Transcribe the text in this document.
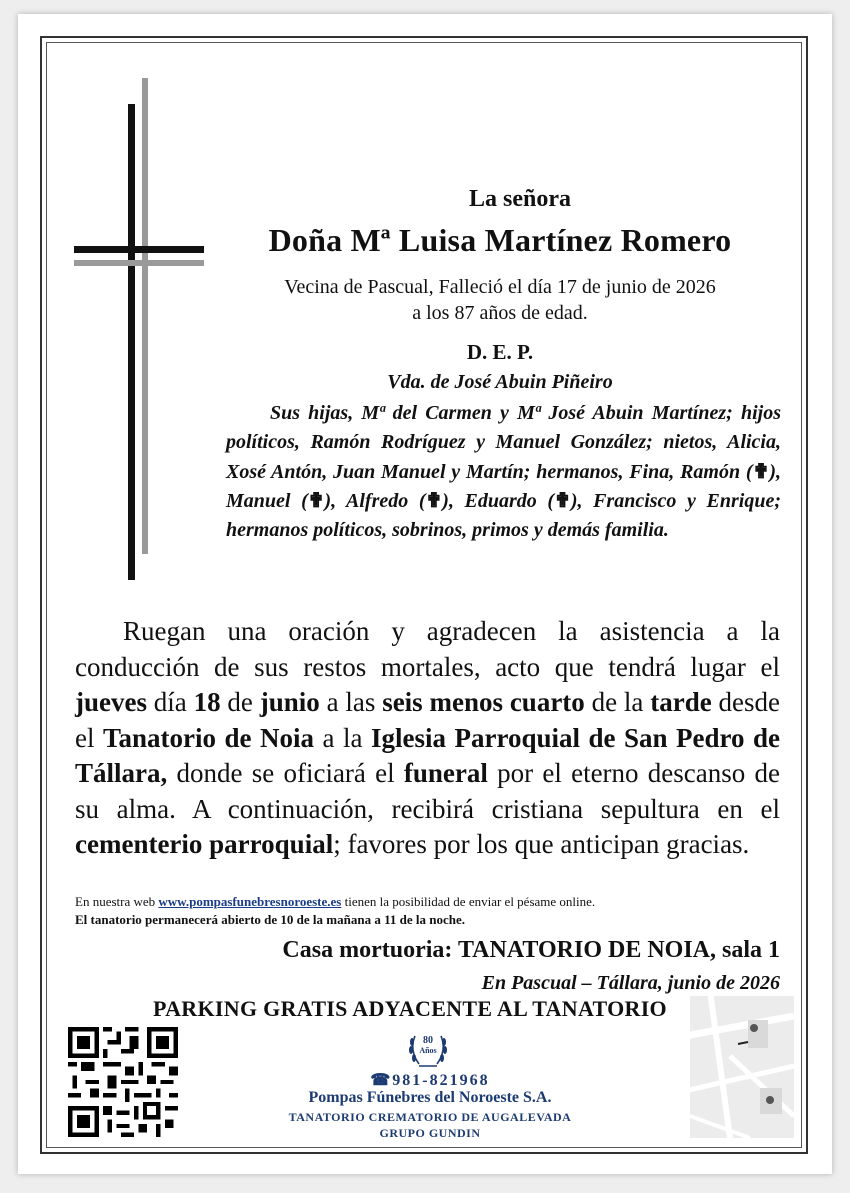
La señora
Doña Mª Luisa Martínez Romero
Vecina de Pascual, Falleció el día 17 de junio de 2026
a los 87 años de edad.
D. E. P.
Vda. de José Abuin Piñeiro
Sus hijas, Mª del Carmen y Mª José Abuin Martínez; hijos políticos, Ramón Rodríguez y Manuel González; nietos, Alicia, Xosé Antón, Juan Manuel y Martín; hermanos, Fina, Ramón (✟), Manuel (✟), Alfredo (✟), Eduardo (✟), Francisco y Enrique; hermanos políticos, sobrinos, primos y demás familia.
Ruegan una oración y agradecen la asistencia a la conducción de sus restos mortales, acto que tendrá lugar el jueves día 18 de junio a las seis menos cuarto de la tarde desde el Tanatorio de Noia a la Iglesia Parroquial de San Pedro de Tállara, donde se oficiará el funeral por el eterno descanso de su alma. A continuación, recibirá cristiana sepultura en el cementerio parroquial; favores por los que anticipan gracias.
En nuestra web www.pompasfunebresnoroeste.es tienen la posibilidad de enviar el pésame online.
El tanatorio permanecerá abierto de 10 de la mañana a 11 de la noche.
Casa mortuoria: TANATORIO DE NOIA, sala 1
En Pascual – Tállara, junio de 2026
PARKING GRATIS ADYACENTE AL TANATORIO
80
Años
☎981-821968
Pompas Fúnebres del Noroeste S.A.
TANATORIO CREMATORIO DE AUGALEVADA
GRUPO GUNDIN
